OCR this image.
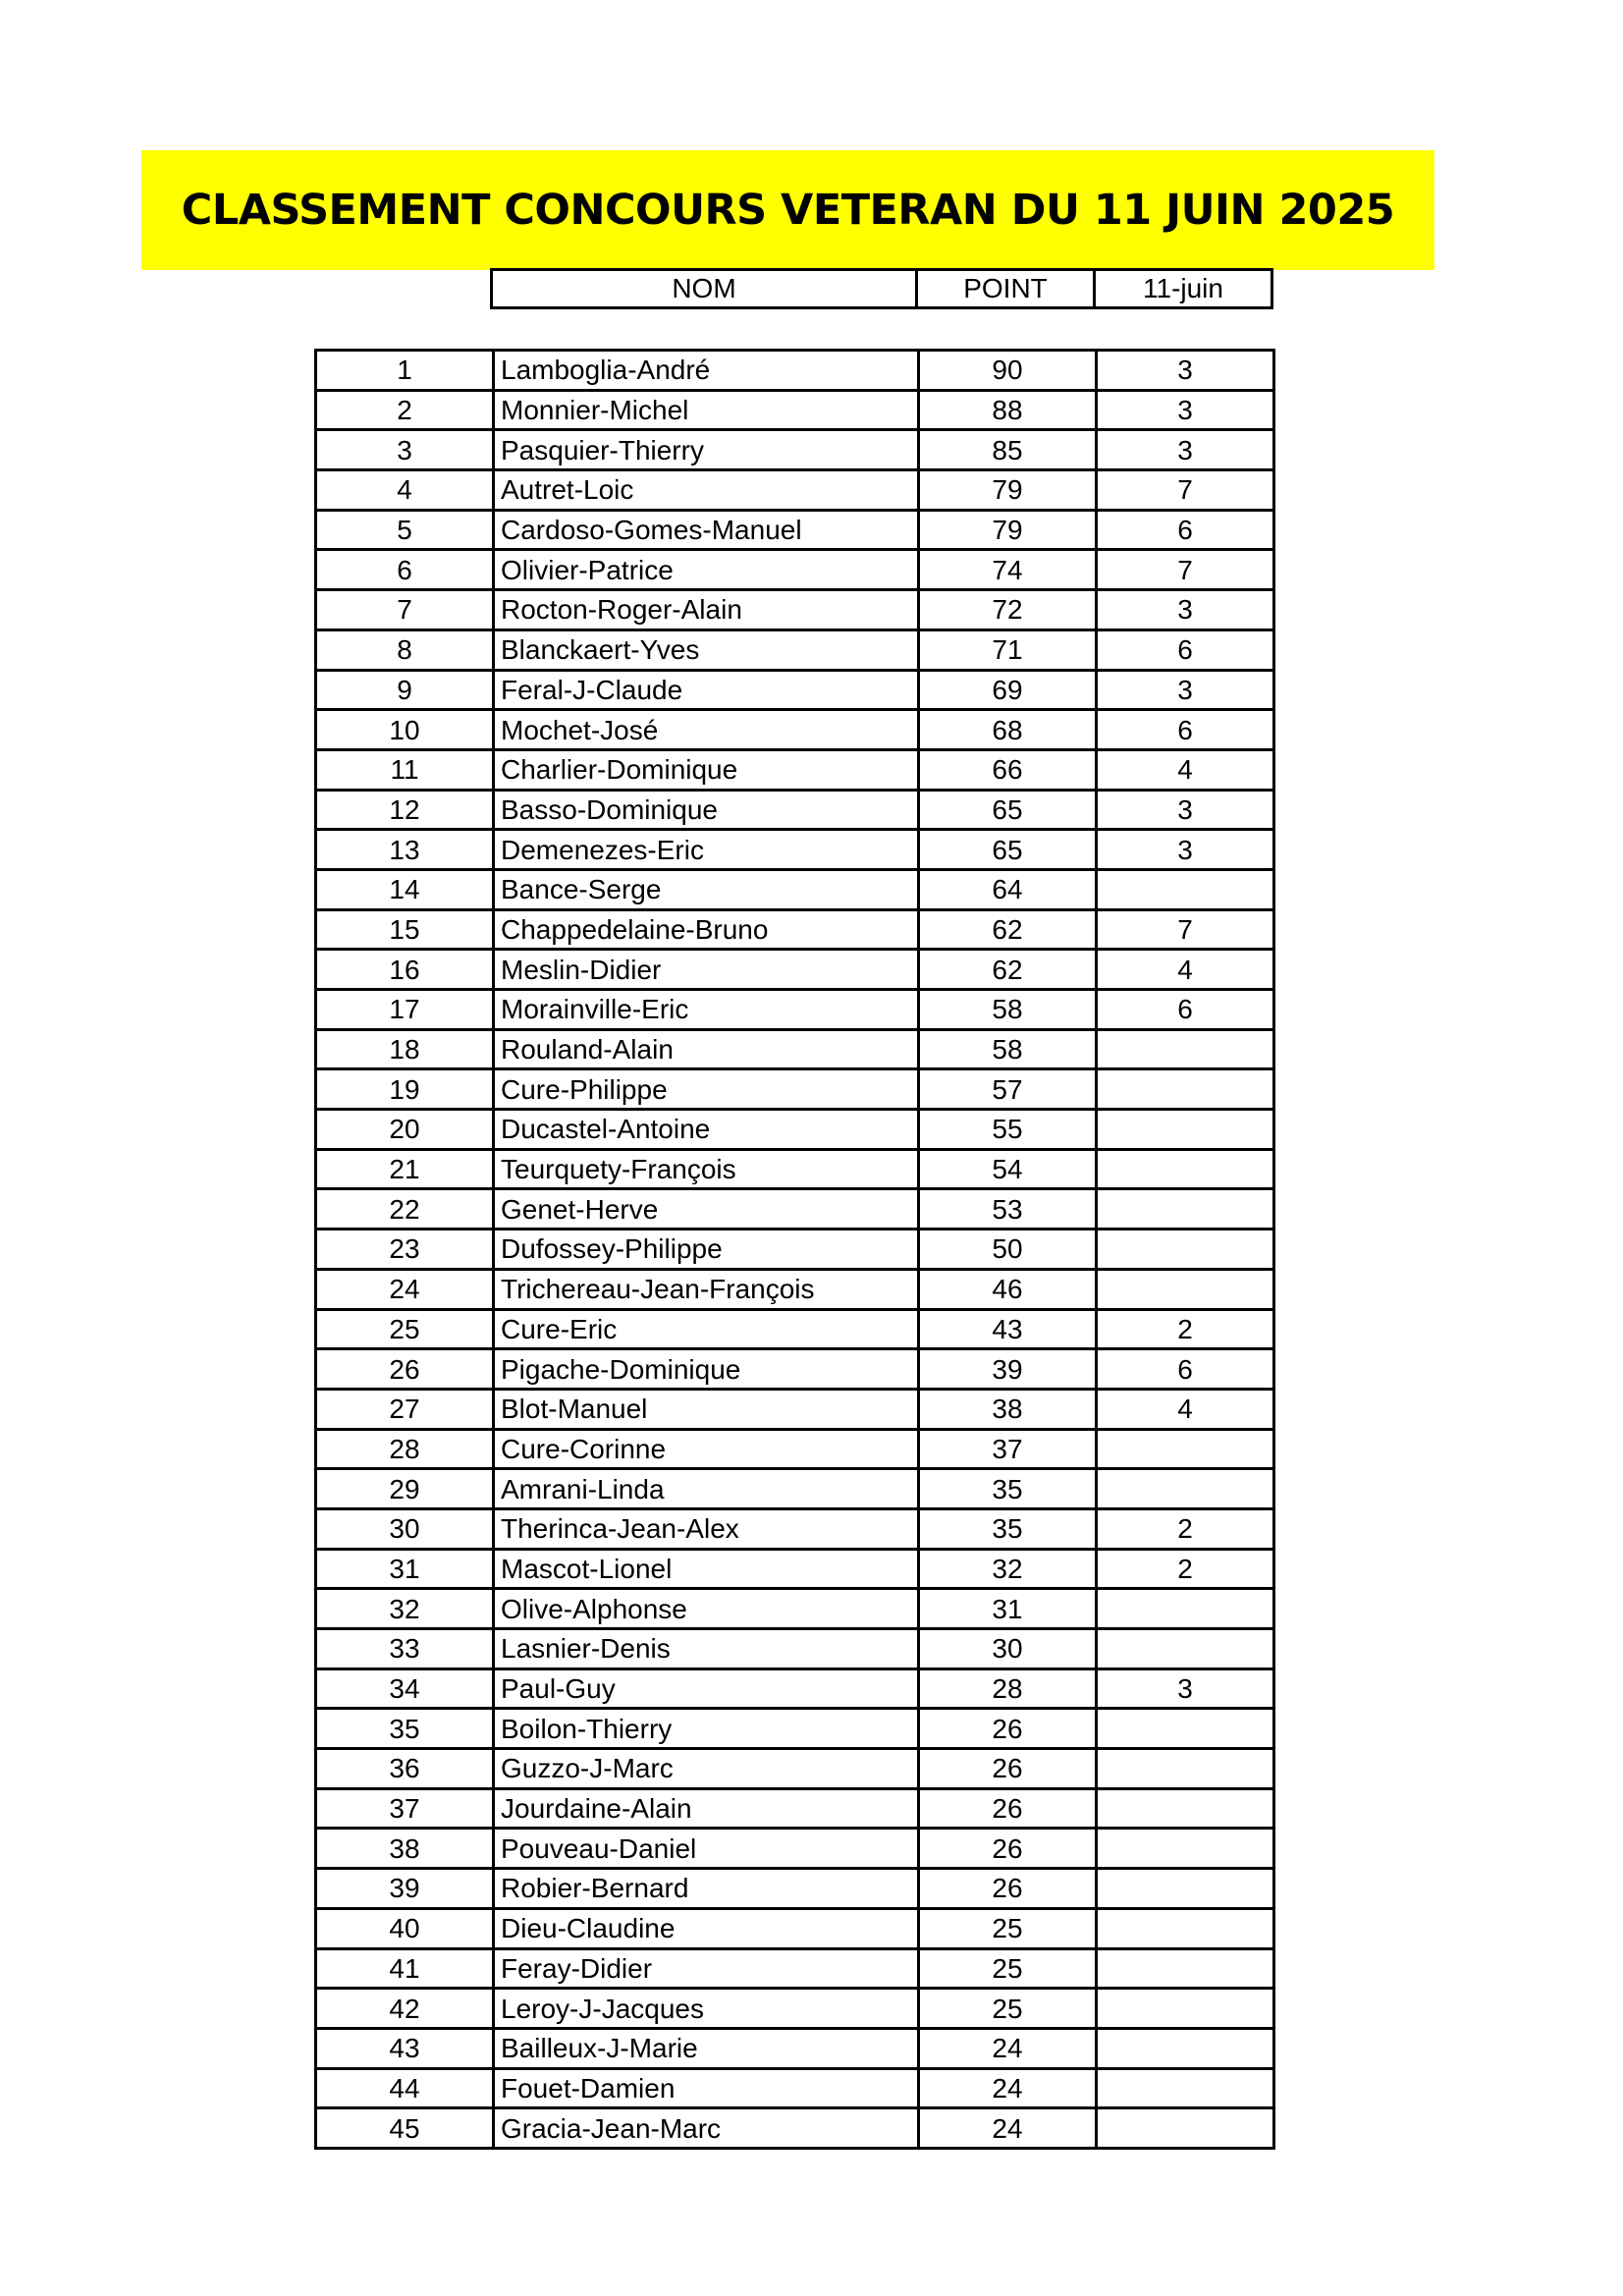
CLASSEMENT CONCOURS VETERAN DU 11 JUIN 2025
NOM	POINT	11-juin
1	Lamboglia-André	90	3
2	Monnier-Michel	88	3
3	Pasquier-Thierry	85	3
4	Autret-Loic	79	7
5	Cardoso-Gomes-Manuel	79	6
6	Olivier-Patrice	74	7
7	Rocton-Roger-Alain	72	3
8	Blanckaert-Yves	71	6
9	Feral-J-Claude	69	3
10	Mochet-José	68	6
11	Charlier-Dominique	66	4
12	Basso-Dominique	65	3
13	Demenezes-Eric	65	3
14	Bance-Serge	64	
15	Chappedelaine-Bruno	62	7
16	Meslin-Didier	62	4
17	Morainville-Eric	58	6
18	Rouland-Alain	58	
19	Cure-Philippe	57	
20	Ducastel-Antoine	55	
21	Teurquety-François	54	
22	Genet-Herve	53	
23	Dufossey-Philippe	50	
24	Trichereau-Jean-François	46	
25	Cure-Eric	43	2
26	Pigache-Dominique	39	6
27	Blot-Manuel	38	4
28	Cure-Corinne	37	
29	Amrani-Linda	35	
30	Therinca-Jean-Alex	35	2
31	Mascot-Lionel	32	2
32	Olive-Alphonse	31	
33	Lasnier-Denis	30	
34	Paul-Guy	28	3
35	Boilon-Thierry	26	
36	Guzzo-J-Marc	26	
37	Jourdaine-Alain	26	
38	Pouveau-Daniel	26	
39	Robier-Bernard	26	
40	Dieu-Claudine	25	
41	Feray-Didier	25	
42	Leroy-J-Jacques	25	
43	Bailleux-J-Marie	24	
44	Fouet-Damien	24	
45	Gracia-Jean-Marc	24	
